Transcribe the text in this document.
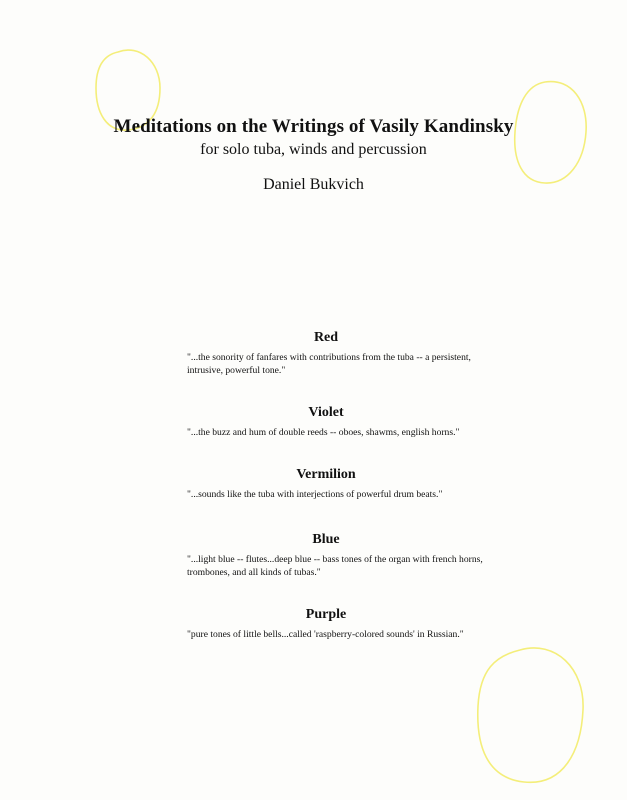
Meditations on the Writings of Vasily Kandinsky
for solo tuba, winds and percussion
Daniel Bukvich
Red
"...the sonority of fanfares with contributions from the tuba -- a persistent, intrusive, powerful tone."
Violet
"...the buzz and hum of double reeds -- oboes, shawms, english horns."
Vermilion
"...sounds like the tuba with interjections of powerful drum beats."
Blue
"...light blue -- flutes...deep blue -- bass tones of the organ with french horns, trombones, and all kinds of tubas."
Purple
"pure tones of little bells...called 'raspberry-colored sounds' in Russian."
